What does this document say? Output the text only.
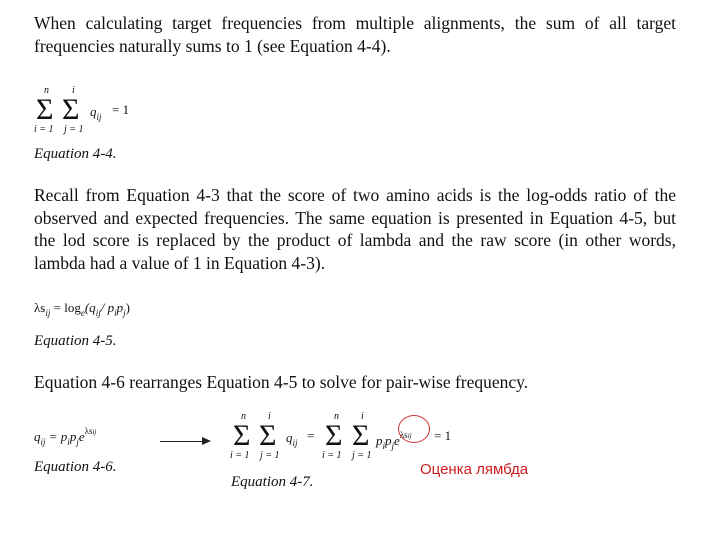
When calculating target frequencies from multiple alignments, the sum of all target frequencies naturally sums to 1 (see Equation 4-4).
n i
Σ Σ
i = 1 j = 1
$q_{ij} = 1$
Equation 4-4.
Recall from Equation 4-3 that the score of two amino acids is the log-odds ratio of the observed and expected frequencies. The same equation is presented in Equation 4-5, but the lod score is replaced by the product of lambda and the raw score (in other words, lambda had a value of 1 in Equation 4-3).
$\lambda s_{ij} = \log_e(q_{ij}/$ $p_ip_j$)
Equation 4-5.
Equation 4-6 rearranges Equation 4-5 to solve for pair-wise frequency.
$q_{ij} = p_ip_je^{\lambda sij}$
Equation 4-6.
n i
Σ Σ
i = 1 j = 1
$q_{ij}$ =
n i
Σ Σ
i = 1 j = 1
$p_ip_je^{\lambda sij} = 1$
Equation 4-7.
Оценка лямбда
